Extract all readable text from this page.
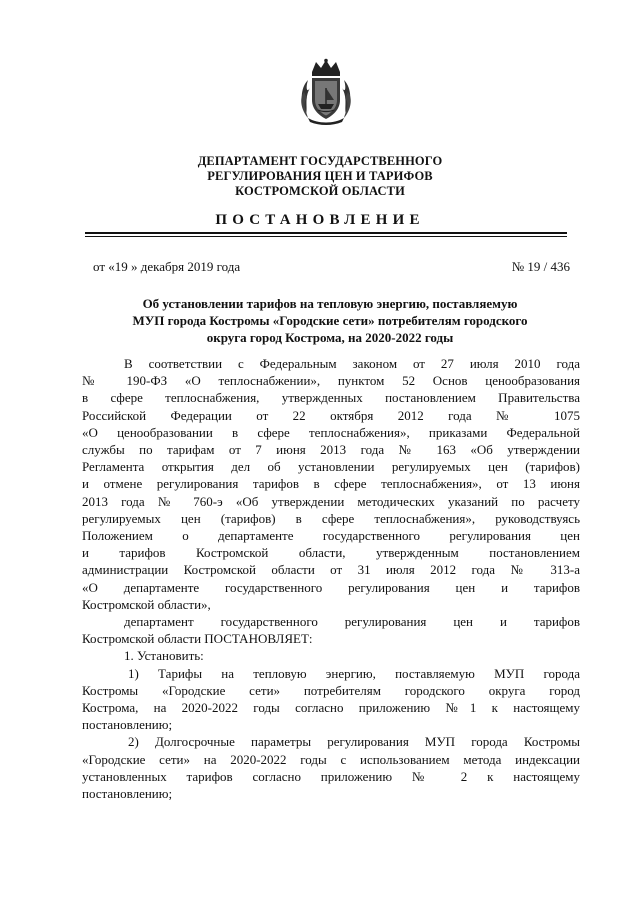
ДЕПАРТАМЕНТ ГОСУДАРСТВЕННОГО
РЕГУЛИРОВАНИЯ ЦЕН И ТАРИФОВ
КОСТРОМСКОЙ ОБЛАСТИ
ПОСТАНОВЛЕНИЕ
от «19 » декабря 2019 года	№ 19 / 436
Об установлении тарифов на тепловую энергию, поставляемую
МУП города Костромы «Городские сети» потребителям городского
округа город Кострома, на 2020-2022 годы
В соответствии с Федеральным законом от 27 июля 2010 года
№ 190-ФЗ «О теплоснабжении», пунктом 52 Основ ценообразования
в сфере теплоснабжения, утвержденных постановлением Правительства
Российской Федерации от 22 октября 2012 года № 1075
«О ценообразовании в сфере теплоснабжения», приказами Федеральной
службы по тарифам от 7 июня 2013 года № 163 «Об утверждении
Регламента открытия дел об установлении регулируемых цен (тарифов)
и отмене регулирования тарифов в сфере теплоснабжения», от 13 июня
2013 года № 760-э «Об утверждении методических указаний по расчету
регулируемых цен (тарифов) в сфере теплоснабжения», руководствуясь
Положением о департаменте государственного регулирования цен
и тарифов Костромской области, утвержденным постановлением
администрации Костромской области от 31 июля 2012 года № 313-а
«О департаменте государственного регулирования цен и тарифов
Костромской области»,
департамент государственного регулирования цен и тарифов
Костромской области ПОСТАНОВЛЯЕТ:
1. Установить:
1) Тарифы на тепловую энергию, поставляемую МУП города
Костромы «Городские сети» потребителям городского округа город
Кострома, на 2020-2022 годы согласно приложению №1 к настоящему
постановлению;
2) Долгосрочные параметры регулирования МУП города Костромы
«Городские сети» на 2020-2022 годы с использованием метода индексации
установленных тарифов согласно приложению № 2 к настоящему
постановлению;
